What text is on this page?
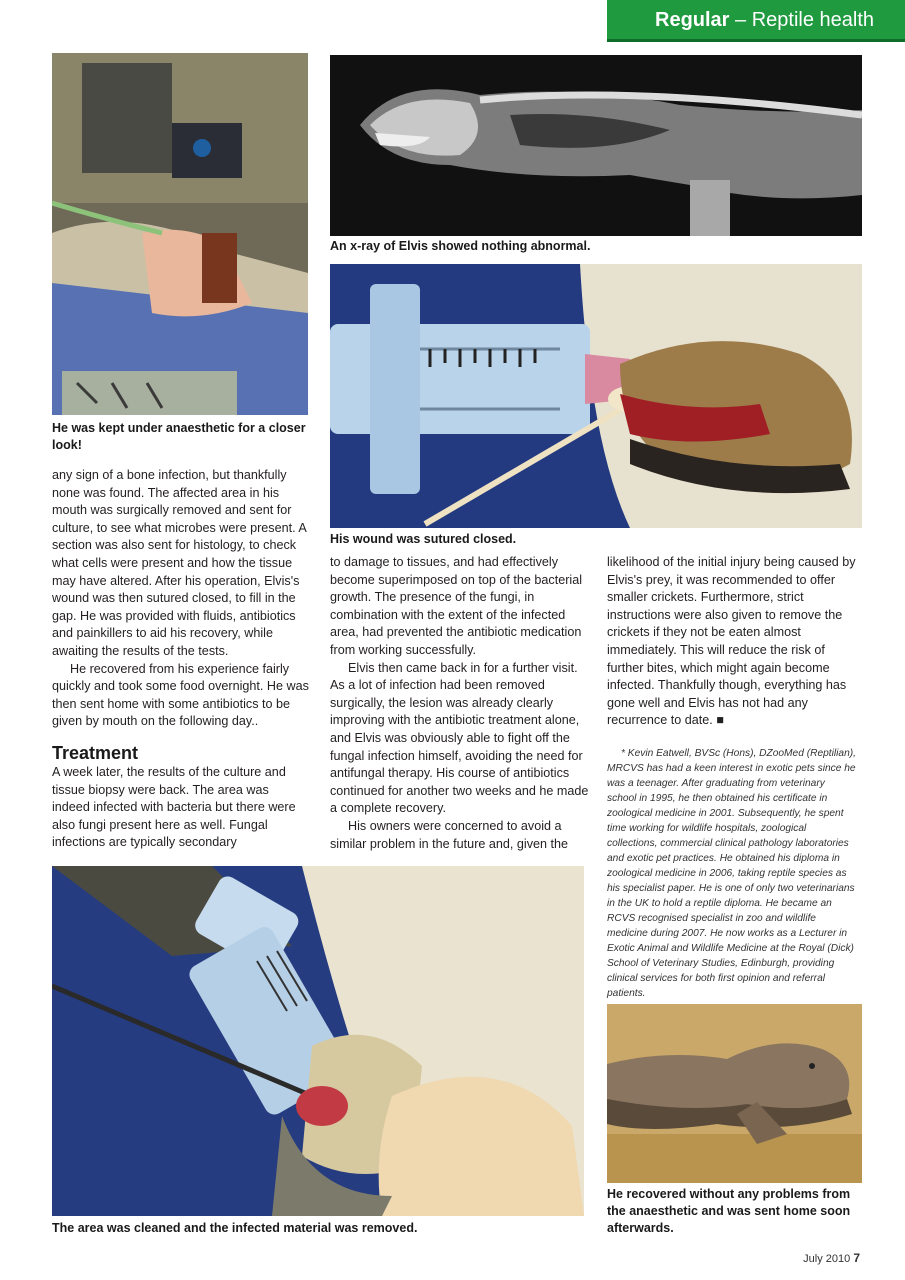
Regular – Reptile health
He was kept under anaesthetic for a closer look!
An x-ray of Elvis showed nothing abnormal.
His wound was sutured closed.

any sign of a bone infection, but thankfully none was found. The affected area in his mouth was surgically removed and sent for culture, to see what microbes were present. A section was also sent for histology, to check what cells were present and how the tissue may have altered. After his operation, Elvis's wound was then sutured closed, to fill in the gap. He was provided with fluids, antibiotics and painkillers to aid his recovery, while awaiting the results of the tests.

He recovered from his experience fairly quickly and took some food overnight. He was then sent home with some antibiotics to be given by mouth on the following day..

Treatment

A week later, the results of the culture and tissue biopsy were back. The area was indeed infected with bacteria but there were also fungi present here as well. Fungal infections are typically secondary

to damage to tissues, and had effectively become superimposed on top of the bacterial growth. The presence of the fungi, in combination with the extent of the infected area, had prevented the antibiotic medication from working successfully.

Elvis then came back in for a further visit. As a lot of infection had been removed surgically, the lesion was already clearly improving with the antibiotic treatment alone, and Elvis was obviously able to fight off the fungal infection himself, avoiding the need for antifungal therapy. His course of antibiotics continued for another two weeks and he made a complete recovery.

His owners were concerned to avoid a similar problem in the future and, given the

likelihood of the initial injury being caused by Elvis's prey, it was recommended to offer smaller crickets. Furthermore, strict instructions were also given to remove the crickets if they not be eaten almost immediately. This will reduce the risk of further bites, which might again become infected. Thankfully though, everything has gone well and Elvis has not had any recurrence to date. ■

* Kevin Eatwell, BVSc (Hons), DZooMed (Reptilian), MRCVS has had a keen interest in exotic pets since he was a teenager. After graduating from veterinary school in 1995, he then obtained his certificate in zoological medicine in 2001. Subsequently, he spent time working for wildlife hospitals, zoological collections, commercial clinical pathology laboratories and exotic pet practices. He obtained his diploma in zoological medicine in 2006, taking reptile species as his specialist paper. He is one of only two veterinarians in the UK to hold a reptile diploma. He became an RCVS recognised specialist in zoo and wildlife medicine during 2007. He now works as a Lecturer in Exotic Animal and Wildlife Medicine at the Royal (Dick) School of Veterinary Studies, Edinburgh, providing clinical services for both first opinion and referral patients.
The area was cleaned and the infected material was removed.
He recovered without any problems from the anaesthetic and was sent home soon afterwards.
July 2010 7
